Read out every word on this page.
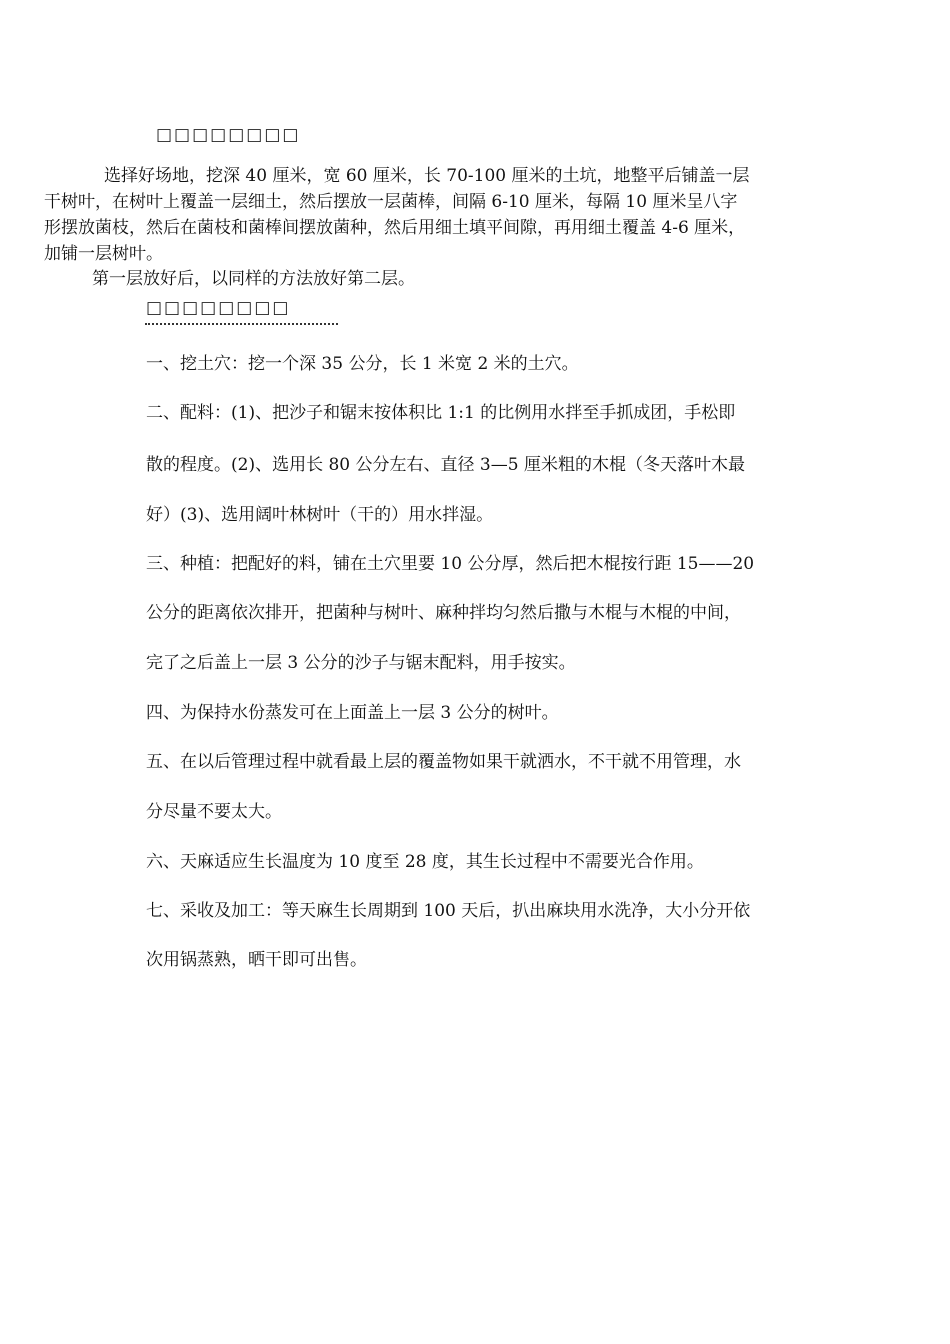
□□□□□□□□
选择好场地，挖深 40 厘米，宽 60 厘米，长 70-100 厘米的土坑，地整平后铺盖一层
干树叶，在树叶上覆盖一层细土，然后摆放一层菌棒，间隔 6-10 厘米，每隔 10 厘米呈八字
形摆放菌枝，然后在菌枝和菌棒间摆放菌种，然后用细土填平间隙，再用细土覆盖 4-6 厘米，
加铺一层树叶。
第一层放好后，以同样的方法放好第二层。
□□□□□□□□
一、挖土穴：挖一个深 35 公分，长 1 米宽 2 米的土穴。
二、配料：(1)、把沙子和锯末按体积比 1:1 的比例用水拌至手抓成团，手松即
散的程度。(2)、选用长 80 公分左右、直径 3—5 厘米粗的木棍（冬天落叶木最
好）(3)、选用阔叶林树叶（干的）用水拌湿。
三、种植：把配好的料，铺在土穴里要 10 公分厚，然后把木棍按行距 15——20
公分的距离依次排开，把菌种与树叶、麻种拌均匀然后撒与木棍与木棍的中间，
完了之后盖上一层 3 公分的沙子与锯末配料，用手按实。
四、为保持水份蒸发可在上面盖上一层 3 公分的树叶。
五、在以后管理过程中就看最上层的覆盖物如果干就洒水，不干就不用管理，水
分尽量不要太大。
六、天麻适应生长温度为 10 度至 28 度，其生长过程中不需要光合作用。
七、采收及加工：等天麻生长周期到 100 天后，扒出麻块用水洗净，大小分开依
次用锅蒸熟，晒干即可出售。
